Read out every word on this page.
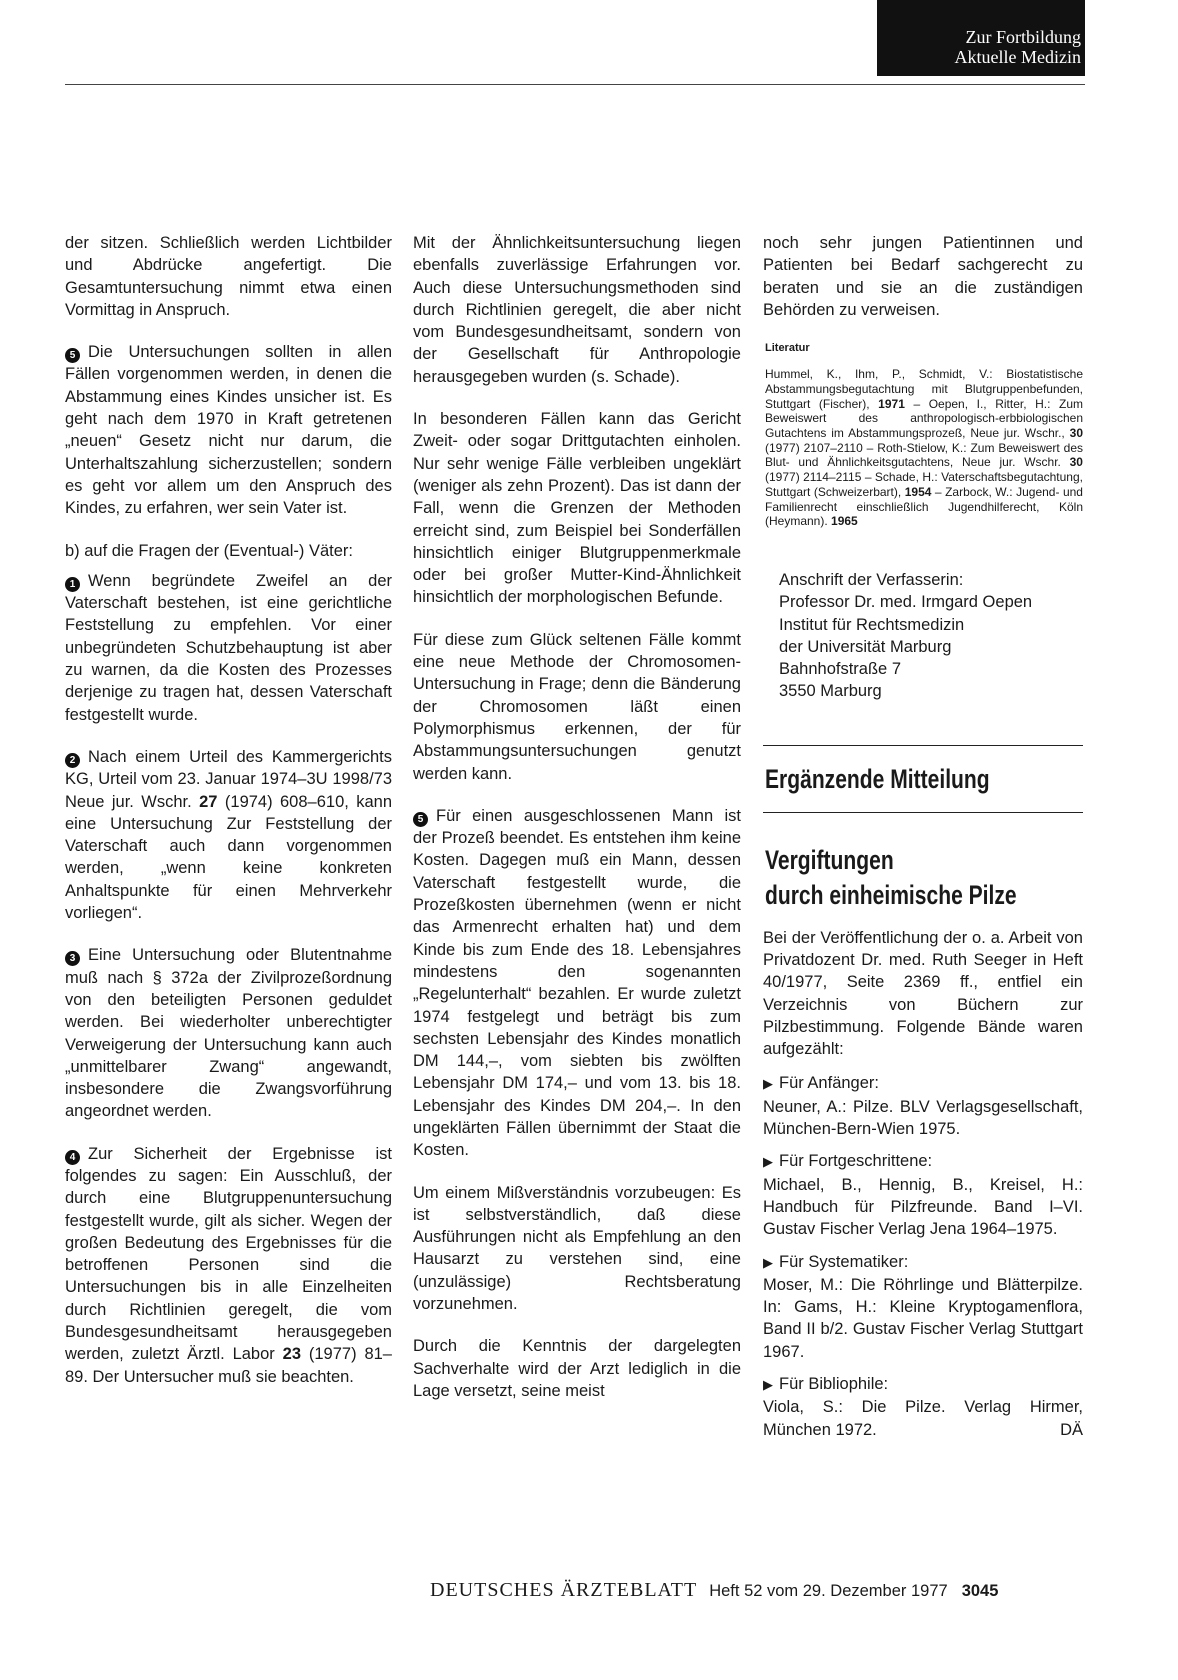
Zur Fortbildung
Aktuelle Medizin

der sitzen. Schließlich werden Lichtbilder und Abdrücke angefertigt. Die Gesamtuntersuchung nimmt etwa einen Vormittag in Anspruch.

5 Die Untersuchungen sollten in allen Fällen vorgenommen werden, in denen die Abstammung eines Kindes unsicher ist. Es geht nach dem 1970 in Kraft getretenen „neuen“ Gesetz nicht nur darum, die Unterhaltszahlung sicherzustellen; sondern es geht vor allem um den Anspruch des Kindes, zu erfahren, wer sein Vater ist.

b) auf die Fragen der (Eventual-) Väter:

1 Wenn begründete Zweifel an der Vaterschaft bestehen, ist eine gerichtliche Feststellung zu empfehlen. Vor einer unbegründeten Schutzbehauptung ist aber zu warnen, da die Kosten des Prozesses derjenige zu tragen hat, dessen Vaterschaft festgestellt wurde.

2 Nach einem Urteil des Kammergerichts KG, Urteil vom 23. Januar 1974–3U 1998/73 Neue jur. Wschr. 27 (1974) 608–610, kann eine Untersuchung Zur Feststellung der Vaterschaft auch dann vorgenommen werden, „wenn keine konkreten Anhaltspunkte für einen Mehrverkehr vorliegen“.

3 Eine Untersuchung oder Blutentnahme muß nach § 372a der Zivilprozeßordnung von den beteiligten Personen geduldet werden. Bei wiederholter unberechtigter Verweigerung der Untersuchung kann auch „unmittelbarer Zwang“ angewandt, insbesondere die Zwangsvorführung angeordnet werden.

4 Zur Sicherheit der Ergebnisse ist folgendes zu sagen: Ein Ausschluß, der durch eine Blutgruppenuntersuchung festgestellt wurde, gilt als sicher. Wegen der großen Bedeutung des Ergebnisses für die betroffenen Personen sind die Untersuchungen bis in alle Einzelheiten durch Richtlinien geregelt, die vom Bundesgesundheitsamt herausgegeben werden, zuletzt Ärztl. Labor 23 (1977) 81–89. Der Untersucher muß sie beachten.

Mit der Ähnlichkeitsuntersuchung liegen ebenfalls zuverlässige Erfahrungen vor. Auch diese Untersuchungsmethoden sind durch Richtlinien geregelt, die aber nicht vom Bundesgesundheitsamt, sondern von der Gesellschaft für Anthropologie herausgegeben wurden (s. Schade).

In besonderen Fällen kann das Gericht Zweit- oder sogar Drittgutachten einholen. Nur sehr wenige Fälle verbleiben ungeklärt (weniger als zehn Prozent). Das ist dann der Fall, wenn die Grenzen der Methoden erreicht sind, zum Beispiel bei Sonderfällen hinsichtlich einiger Blutgruppenmerkmale oder bei großer Mutter-Kind-Ähnlichkeit hinsichtlich der morphologischen Befunde.

Für diese zum Glück seltenen Fälle kommt eine neue Methode der Chromosomen-Untersuchung in Frage; denn die Bänderung der Chromosomen läßt einen Polymorphismus erkennen, der für Abstammungsuntersuchungen genutzt werden kann.

5 Für einen ausgeschlossenen Mann ist der Prozeß beendet. Es entstehen ihm keine Kosten. Dagegen muß ein Mann, dessen Vaterschaft festgestellt wurde, die Prozeßkosten übernehmen (wenn er nicht das Armenrecht erhalten hat) und dem Kinde bis zum Ende des 18. Lebensjahres mindestens den sogenannten „Regelunterhalt“ bezahlen. Er wurde zuletzt 1974 festgelegt und beträgt bis zum sechsten Lebensjahr des Kindes monatlich DM 144,–, vom siebten bis zwölften Lebensjahr DM 174,– und vom 13. bis 18. Lebensjahr des Kindes DM 204,–. In den ungeklärten Fällen übernimmt der Staat die Kosten.

Um einem Mißverständnis vorzubeugen: Es ist selbstverständlich, daß diese Ausführungen nicht als Empfehlung an den Hausarzt zu verstehen sind, eine (unzulässige) Rechtsberatung vorzunehmen.

Durch die Kenntnis der dargelegten Sachverhalte wird der Arzt lediglich in die Lage versetzt, seine meist

noch sehr jungen Patientinnen und Patienten bei Bedarf sachgerecht zu beraten und sie an die zuständigen Behörden zu verweisen.

Literatur
Hummel, K., Ihm, P., Schmidt, V.: Biostatistische Abstammungsbegutachtung mit Blutgruppenbefunden, Stuttgart (Fischer), 1971 – Oepen, I., Ritter, H.: Zum Beweiswert des anthropologisch-erbbiologischen Gutachtens im Abstammungsprozeß, Neue jur. Wschr., 30 (1977) 2107–2110 – Roth-Stielow, K.: Zum Beweiswert des Blut- und Ähnlichkeitsgutachtens, Neue jur. Wschr. 30 (1977) 2114–2115 – Schade, H.: Vaterschaftsbegutachtung, Stuttgart (Schweizerbart), 1954 – Zarbock, W.: Jugend- und Familienrecht einschließlich Jugendhilferecht, Köln (Heymann). 1965
Anschrift der Verfasserin:
Professor Dr. med. Irmgard Oepen
Institut für Rechtsmedizin
der Universität Marburg
Bahnhofstraße 7
3550 Marburg
Ergänzende Mitteilung
Vergiftungen
durch einheimische Pilze

Bei der Veröffentlichung der o. a. Arbeit von Privatdozent Dr. med. Ruth Seeger in Heft 40/1977, Seite 2369 ff., entfiel ein Verzeichnis von Büchern zur Pilzbestimmung. Folgende Bände waren aufgezählt:

▶ Für Anfänger:
Neuner, A.: Pilze. BLV Verlagsgesellschaft, München-Bern-Wien 1975.

▶ Für Fortgeschrittene:
Michael, B., Hennig, B., Kreisel, H.: Handbuch für Pilzfreunde. Band I–VI. Gustav Fischer Verlag Jena 1964–1975.

▶ Für Systematiker:
Moser, M.: Die Röhrlinge und Blätterpilze. In: Gams, H.: Kleine Kryptogamenflora, Band II b/2. Gustav Fischer Verlag Stuttgart 1967.

▶ Für Bibliophile:
Viola, S.: Die Pilze. Verlag Hirmer, München 1972.	DÄ

DEUTSCHES ÄRZTEBLATT Heft 52 vom 29. Dezember 1977 3045
